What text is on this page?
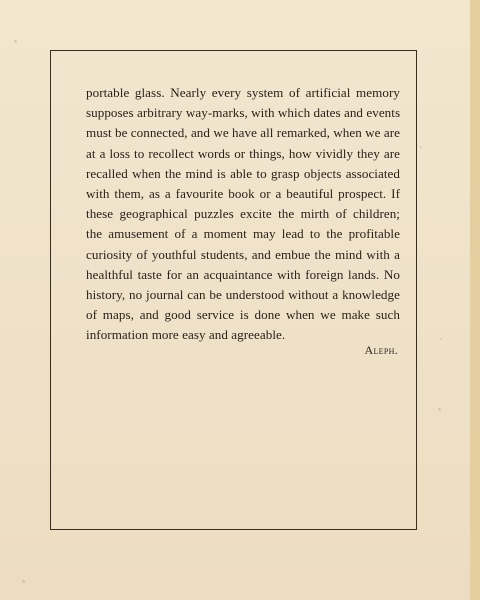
portable glass. Nearly every system of artificial memory
supposes arbitrary way-marks, with which dates and events
must be connected, and we have all remarked, when we are
at a loss to recollect words or things, how vividly they are
recalled when the mind is able to grasp objects associated
with them, as a favourite book or a beautiful prospect. If
these geographical puzzles excite the mirth of children;
the amusement of a moment may lead to the profitable
curiosity of youthful students, and embue the mind with a
healthful taste for an acquaintance with foreign lands. No
history, no journal can be understood without a knowledge
of maps, and good service is done when we make such
information more easy and agreeable.
Aleph.
